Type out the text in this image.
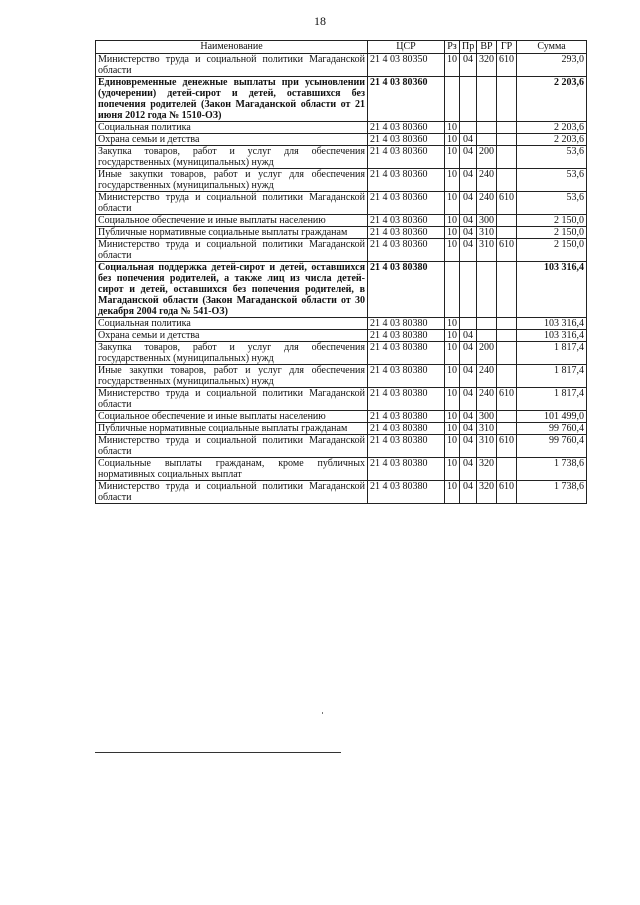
18
Наименование	ЦСР	Рз	Пр	ВР	ГР	Сумма
Министерство труда и социальной политики Магаданской области	21 4 03 80350	10	04	320	610	293,0
Единовременные денежные выплаты при усыновлении (удочерении) детей-сирот и детей, оставшихся без попечения родителей (Закон Магаданской области от 21 июня 2012 года № 1510-ОЗ)	21 4 03 80360					2 203,6
Социальная политика	21 4 03 80360	10				2 203,6
Охрана семьи и детства	21 4 03 80360	10	04			2 203,6
Закупка товаров, работ и услуг для обеспечения государственных (муниципальных) нужд	21 4 03 80360	10	04	200		53,6
Иные закупки товаров, работ и услуг для обеспечения государственных (муниципальных) нужд	21 4 03 80360	10	04	240		53,6
Министерство труда и социальной политики Магаданской области	21 4 03 80360	10	04	240	610	53,6
Социальное обеспечение и иные выплаты населению	21 4 03 80360	10	04	300		2 150,0
Публичные нормативные социальные выплаты гражданам	21 4 03 80360	10	04	310		2 150,0
Министерство труда и социальной политики Магаданской области	21 4 03 80360	10	04	310	610	2 150,0
Социальная поддержка детей-сирот и детей, оставшихся без попечения родителей, а также лиц из числа детей-сирот и детей, оставшихся без попечения родителей, в Магаданской области (Закон Магаданской области от 30 декабря 2004 года № 541-ОЗ)	21 4 03 80380					103 316,4
Социальная политика	21 4 03 80380	10				103 316,4
Охрана семьи и детства	21 4 03 80380	10	04			103 316,4
Закупка товаров, работ и услуг для обеспечения государственных (муниципальных) нужд	21 4 03 80380	10	04	200		1 817,4
Иные закупки товаров, работ и услуг для обеспечения государственных (муниципальных) нужд	21 4 03 80380	10	04	240		1 817,4
Министерство труда и социальной политики Магаданской области	21 4 03 80380	10	04	240	610	1 817,4
Социальное обеспечение и иные выплаты населению	21 4 03 80380	10	04	300		101 499,0
Публичные нормативные социальные выплаты гражданам	21 4 03 80380	10	04	310		99 760,4
Министерство труда и социальной политики Магаданской области	21 4 03 80380	10	04	310	610	99 760,4
Социальные выплаты гражданам, кроме публичных нормативных социальных выплат	21 4 03 80380	10	04	320		1 738,6
Министерство труда и социальной политики Магаданской области	21 4 03 80380	10	04	320	610	1 738,6
